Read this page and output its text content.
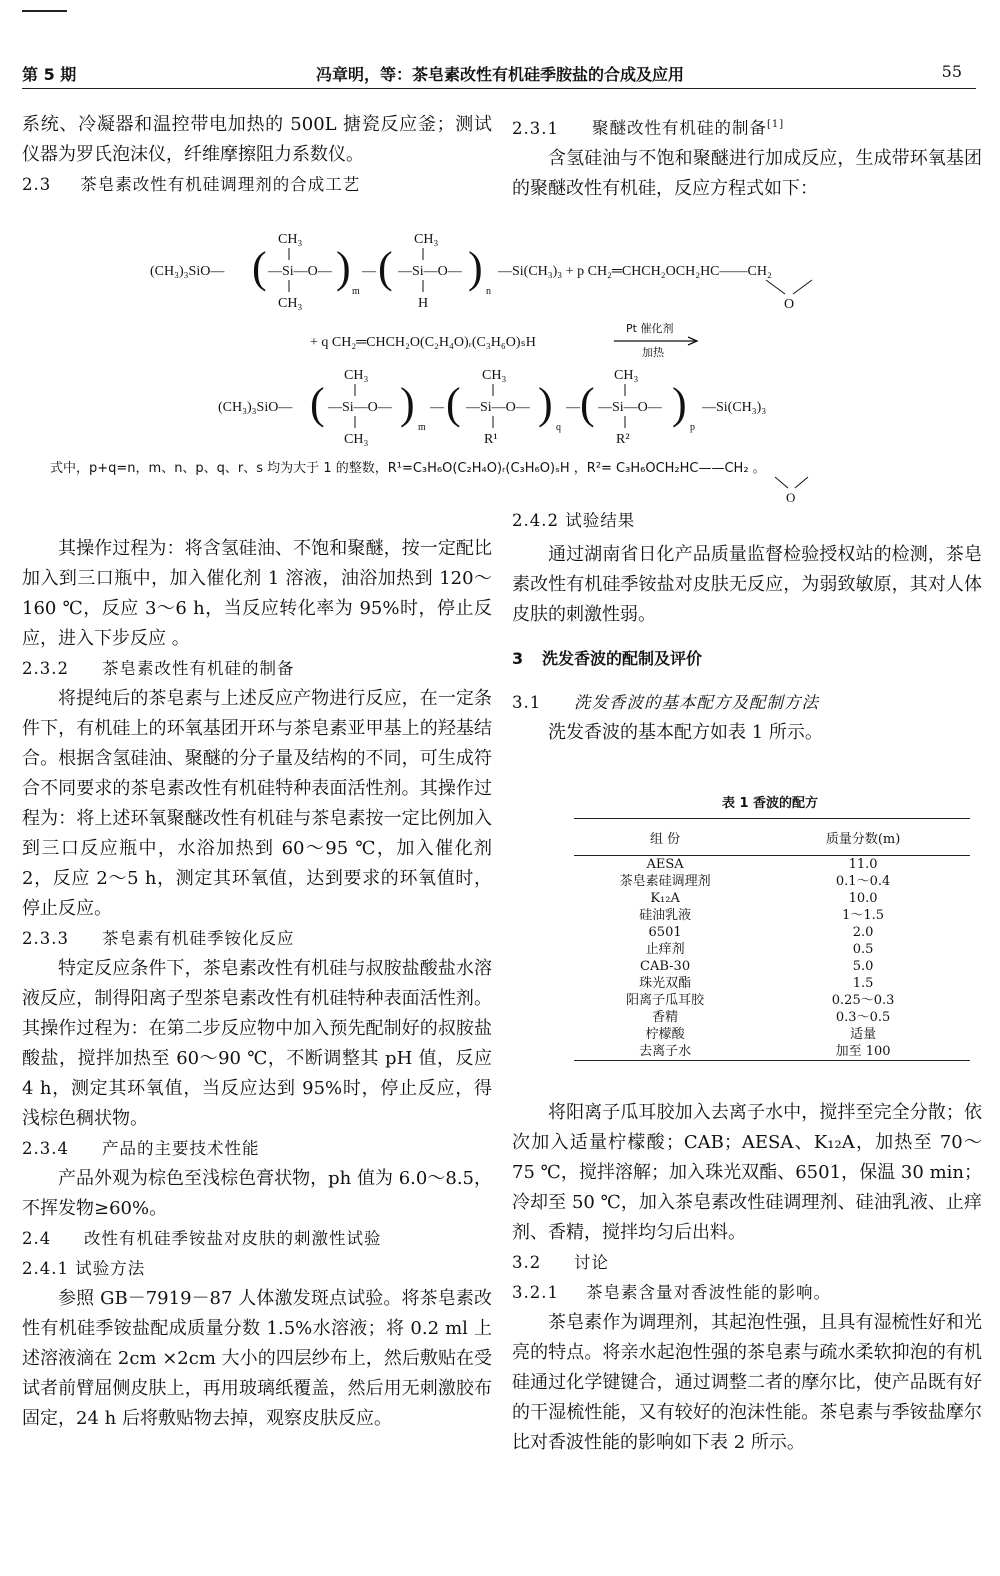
第 5 期	冯章明，等：茶皂素改性有机硅季胺盐的合成及应用	55

系统、冷凝器和温控带电加热的 500L 搪瓷反应釜；测试仪器为罗氏泡沫仪，纤维摩擦阻力系数仪。

2.3 茶皂素改性有机硅调理剂的合成工艺

2.3.1 聚醚改性有机硅的制备[1]

含氢硅油与不饱和聚醚进行加成反应，生成带环氧基团的聚醚改性有机硅，反应方程式如下：

(CH₃)₃SiO— (
CH₃
—Si—O—
CH₃
) m
— (
CH₃
—Si—O—
H
) n
—Si(CH₃)₃ + p CH₂═CHCH₂OCH₂HC——CH₂
O
+ q CH₂═CHCH₂O(C₂H₄O)ᵣ(C₃H₆O)ₛH
Pt 催化剂
加热
(CH₃)₃SiO— (
CH₃
—Si—O—
CH₃
) m
— (
CH₃
—Si—O—
R¹
) q
— (
CH₃
—Si—O—
R²
) p
—Si(CH₃)₃
式中，p+q=n，m、n、p、q、r、s 均为大于 1 的整数，R¹=C₃H₆O(C₂H₄O)ᵣ(C₃H₆O)ₛH ，R²= C₃H₆OCH₂HC——CH₂ 。
O

其操作过程为：将含氢硅油、不饱和聚醚，按一定配比加入到三口瓶中，加入催化剂 1 溶液，油浴加热到 120～160 ℃，反应 3～6 h，当反应转化率为 95%时，停止反应，进入下步反应 。

2.3.2 茶皂素改性有机硅的制备

将提纯后的茶皂素与上述反应产物进行反应，在一定条件下，有机硅上的环氧基团开环与茶皂素亚甲基上的羟基结合。根据含氢硅油、聚醚的分子量及结构的不同，可生成符合不同要求的茶皂素改性有机硅特种表面活性剂。其操作过程为：将上述环氧聚醚改性有机硅与茶皂素按一定比例加入到三口反应瓶中，水浴加热到 60～95 ℃，加入催化剂 2，反应 2～5 h，测定其环氧值，达到要求的环氧值时，停止反应。

2.3.3 茶皂素有机硅季铵化反应

特定反应条件下，茶皂素改性有机硅与叔胺盐酸盐水溶液反应，制得阳离子型茶皂素改性有机硅特种表面活性剂。其操作过程为：在第二步反应物中加入预先配制好的叔胺盐酸盐，搅拌加热至 60～90 ℃，不断调整其 pH 值，反应 4 h，测定其环氧值，当反应达到 95%时，停止反应，得浅棕色稠状物。

2.3.4 产品的主要技术性能

产品外观为棕色至浅棕色膏状物，ph 值为 6.0～8.5，不挥发物≥60%。

2.4 改性有机硅季铵盐对皮肤的刺激性试验

2.4.1 试验方法

参照 GB－7919－87 人体激发斑点试验。将茶皂素改性有机硅季铵盐配成质量分数 1.5%水溶液；将 0.2 ml 上述溶液滴在 2cm ×2cm 大小的四层纱布上，然后敷贴在受试者前臂屈侧皮肤上，再用玻璃纸覆盖，然后用无刺激胶布固定，24 h 后将敷贴物去掉，观察皮肤反应。

2.4.2 试验结果

通过湖南省日化产品质量监督检验授权站的检测，茶皂素改性有机硅季铵盐对皮肤无反应，为弱致敏原，其对人体皮肤的刺激性弱。

3 洗发香波的配制及评价

3.1 洗发香波的基本配方及配制方法

洗发香波的基本配方如表 1 所示。

表 1 香波的配方
组 份	质量分数(m)
AESA	11.0
茶皂素硅调理剂	0.1～0.4
K₁₂A	10.0
硅油乳液	1～1.5
6501	2.0
止痒剂	0.5
CAB-30	5.0
珠光双酯	1.5
阳离子瓜耳胶	0.25～0.3
香精	0.3～0.5
柠檬酸	适量
去离子水	加至 100

将阳离子瓜耳胶加入去离子水中，搅拌至完全分散；依次加入适量柠檬酸；CAB；AESA、K₁₂A，加热至 70～75 ℃，搅拌溶解；加入珠光双酯、6501，保温 30 min；冷却至 50 ℃，加入茶皂素改性硅调理剂、硅油乳液、止痒剂、香精，搅拌均匀后出料。

3.2 讨论

3.2.1 茶皂素含量对香波性能的影响。

茶皂素作为调理剂，其起泡性强，且具有湿梳性好和光亮的特点。将亲水起泡性强的茶皂素与疏水柔软抑泡的有机硅通过化学键键合，通过调整二者的摩尔比，使产品既有好的干湿梳性能，又有较好的泡沫性能。茶皂素与季铵盐摩尔比对香波性能的影响如下表 2 所示。
